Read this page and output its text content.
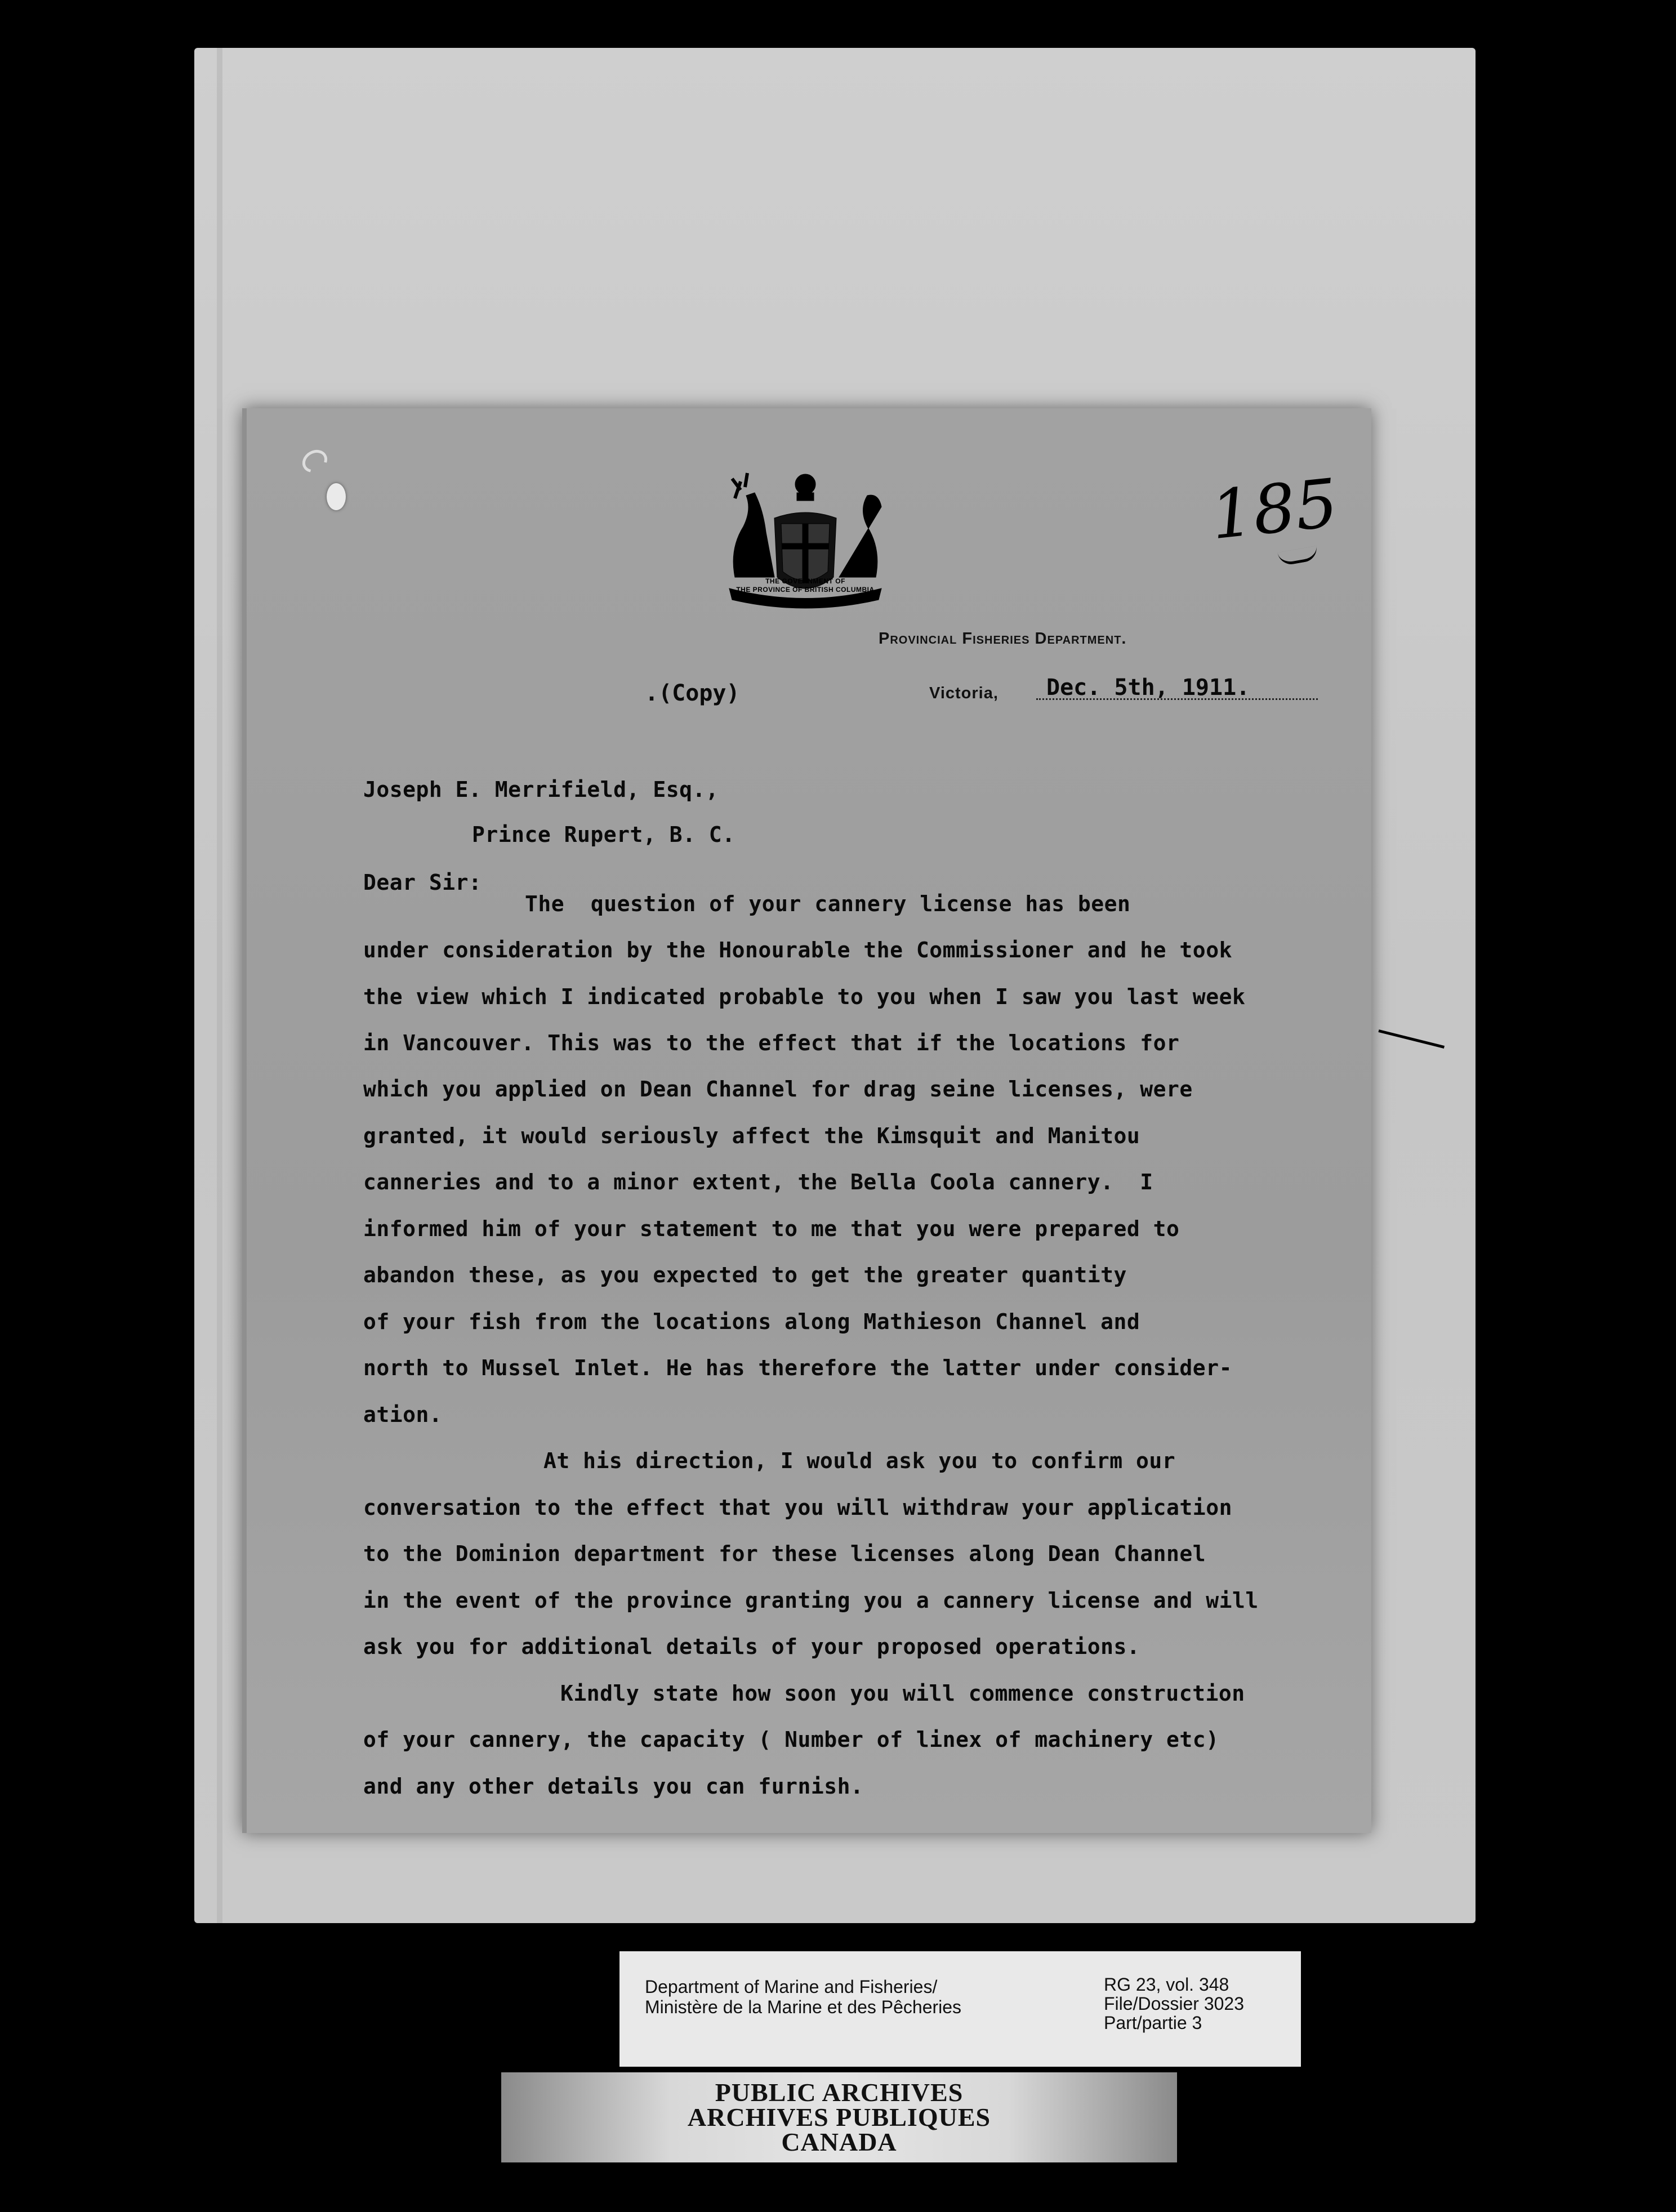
THE GOVERNMENT OF
THE PROVINCE OF BRITISH COLUMBIA
Provincial Fisheries Department.
185
.(Copy)	Victoria, Dec. 5th, 1911.
Joseph E. Merrifield, Esq.,
Prince Rupert, B. C.
Dear Sir:
The  question of your cannery license has been
under consideration by the Honourable the Commissioner and he took
the view which I indicated probable to you when I saw you last week
in Vancouver. This was to the effect that if the locations for
which you applied on Dean Channel for drag seine licenses, were
granted, it would seriously affect the Kimsquit and Manitou
canneries and to a minor extent, the Bella Coola cannery.  I
informed him of your statement to me that you were prepared to
abandon these, as you expected to get the greater quantity
of your fish from the locations along Mathieson Channel and
north to Mussel Inlet. He has therefore the latter under consider-
ation.
At his direction, I would ask you to confirm our
conversation to the effect that you will withdraw your application
to the Dominion department for these licenses along Dean Channel
in the event of the province granting you a cannery license and will
ask you for additional details of your proposed operations.
Kindly state how soon you will commence construction
of your cannery, the capacity ( Number of linex of machinery etc)
and any other details you can furnish.
Department of Marine and Fisheries/
Ministère de la Marine et des Pêcheries
RG 23, vol. 348
File/Dossier 3023
Part/partie 3
PUBLIC ARCHIVES
ARCHIVES PUBLIQUES
CANADA
